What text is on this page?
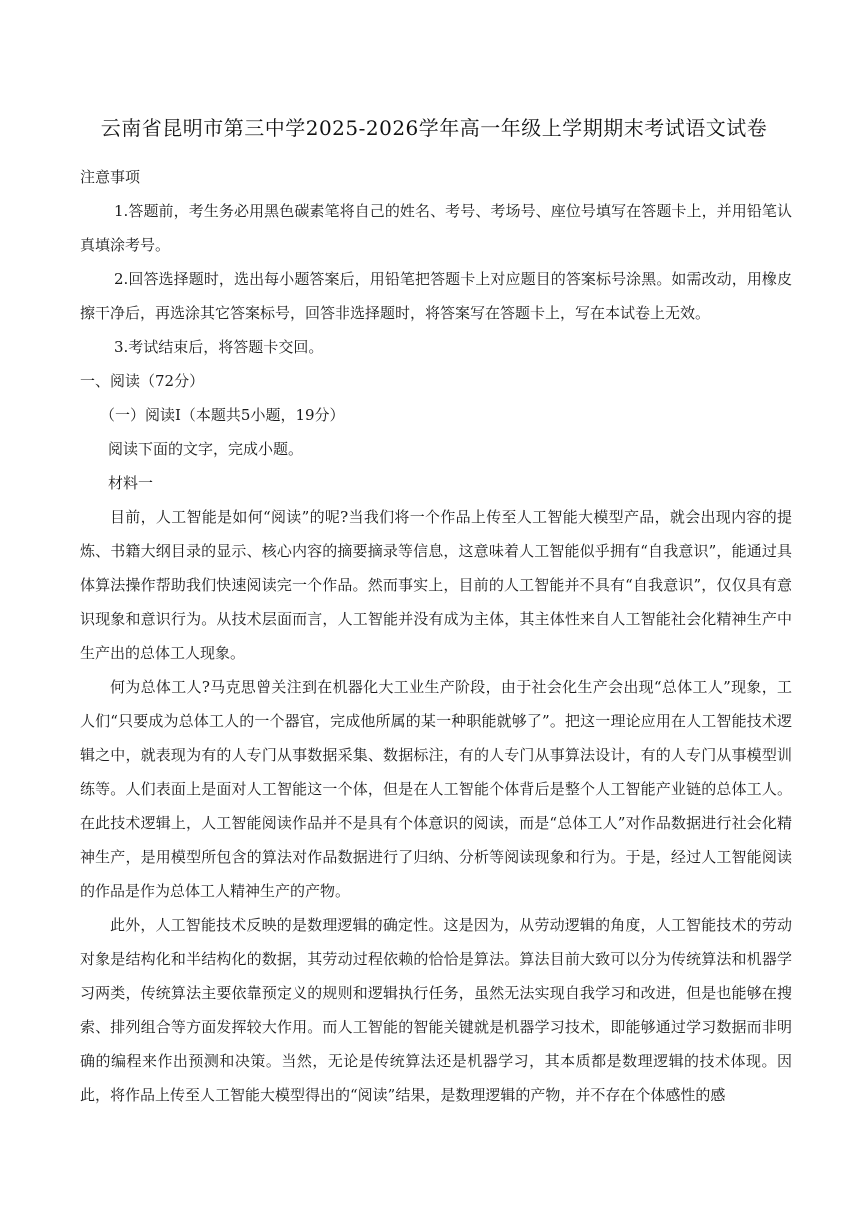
云南省昆明市第三中学2025-2026学年高一年级上学期期末考试语文试卷

注意事项

1.答题前，考生务必用黑色碳素笔将自己的姓名、考号、考场号、座位号填写在答题卡上，并用铅笔认真填涂考号。

2.回答选择题时，选出每小题答案后，用铅笔把答题卡上对应题目的答案标号涂黑。如需改动，用橡皮擦干净后，再选涂其它答案标号，回答非选择题时，将答案写在答题卡上，写在本试卷上无效。

3.考试结束后，将答题卡交回。

一、阅读（72分）

（一）阅读Ⅰ（本题共5小题，19分）

阅读下面的文字，完成小题。

材料一

目前，人工智能是如何“阅读”的呢?当我们将一个作品上传至人工智能大模型产品，就会出现内容的提炼、书籍大纲目录的显示、核心内容的摘要摘录等信息，这意味着人工智能似乎拥有“自我意识”，能通过具体算法操作帮助我们快速阅读完一个作品。然而事实上，目前的人工智能并不具有“自我意识”，仅仅具有意识现象和意识行为。从技术层面而言，人工智能并没有成为主体，其主体性来自人工智能社会化精神生产中生产出的总体工人现象。

何为总体工人?马克思曾关注到在机器化大工业生产阶段，由于社会化生产会出现“总体工人”现象，工人们“只要成为总体工人的一个器官，完成他所属的某一种职能就够了”。把这一理论应用在人工智能技术逻辑之中，就表现为有的人专门从事数据采集、数据标注，有的人专门从事算法设计，有的人专门从事模型训练等。人们表面上是面对人工智能这一个体，但是在人工智能个体背后是整个人工智能产业链的总体工人。在此技术逻辑上，人工智能阅读作品并不是具有个体意识的阅读，而是“总体工人”对作品数据进行社会化精神生产，是用模型所包含的算法对作品数据进行了归纳、分析等阅读现象和行为。于是，经过人工智能阅读的作品是作为总体工人精神生产的产物。

此外，人工智能技术反映的是数理逻辑的确定性。这是因为，从劳动逻辑的角度，人工智能技术的劳动对象是结构化和半结构化的数据，其劳动过程依赖的恰恰是算法。算法目前大致可以分为传统算法和机器学习两类，传统算法主要依靠预定义的规则和逻辑执行任务，虽然无法实现自我学习和改进，但是也能够在搜索、排列组合等方面发挥较大作用。而人工智能的智能关键就是机器学习技术，即能够通过学习数据而非明确的编程来作出预测和决策。当然，无论是传统算法还是机器学习，其本质都是数理逻辑的技术体现。因此，将作品上传至人工智能大模型得出的“阅读”结果，是数理逻辑的产物，并不存在个体感性的感
